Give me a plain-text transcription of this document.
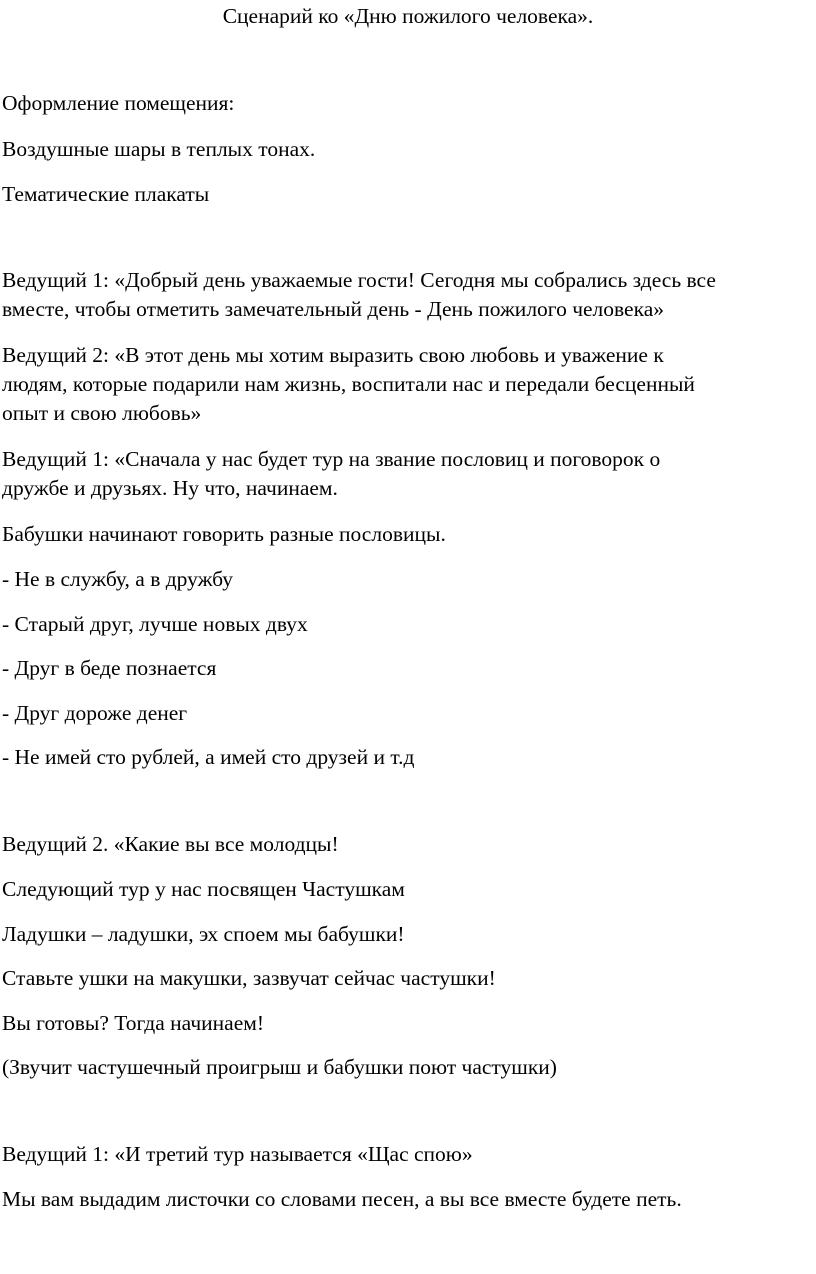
Сценарий ко «Дню пожилого человека».
Оформление помещения:
Воздушные шары в теплых тонах.
Тематические плакаты
Ведущий 1: «Добрый день уважаемые гости! Сегодня мы собрались здесь все
вместе, чтобы отметить замечательный день - День пожилого человека»
Ведущий 2: «В этот день мы хотим выразить свою любовь и уважение к
людям, которые подарили нам жизнь, воспитали нас и передали бесценный
опыт и свою любовь»
Ведущий 1: «Сначала у нас будет тур на звание пословиц и поговорок о
дружбе и друзьях. Ну что, начинаем.
Бабушки начинают говорить разные пословицы.
- Не в службу, а в дружбу
- Старый друг, лучше новых двух
- Друг в беде познается
- Друг дороже денег
- Не имей сто рублей, а имей сто друзей и т.д
Ведущий 2. «Какие вы все молодцы!
Следующий тур у нас посвящен Частушкам
Ладушки – ладушки, эх споем мы бабушки!
Ставьте ушки на макушки, зазвучат сейчас частушки!
Вы готовы? Тогда начинаем!
(Звучит частушечный проигрыш и бабушки поют частушки)
Ведущий 1: «И третий тур называется «Щас спою»
Мы вам выдадим листочки со словами песен, а вы все вместе будете петь.
